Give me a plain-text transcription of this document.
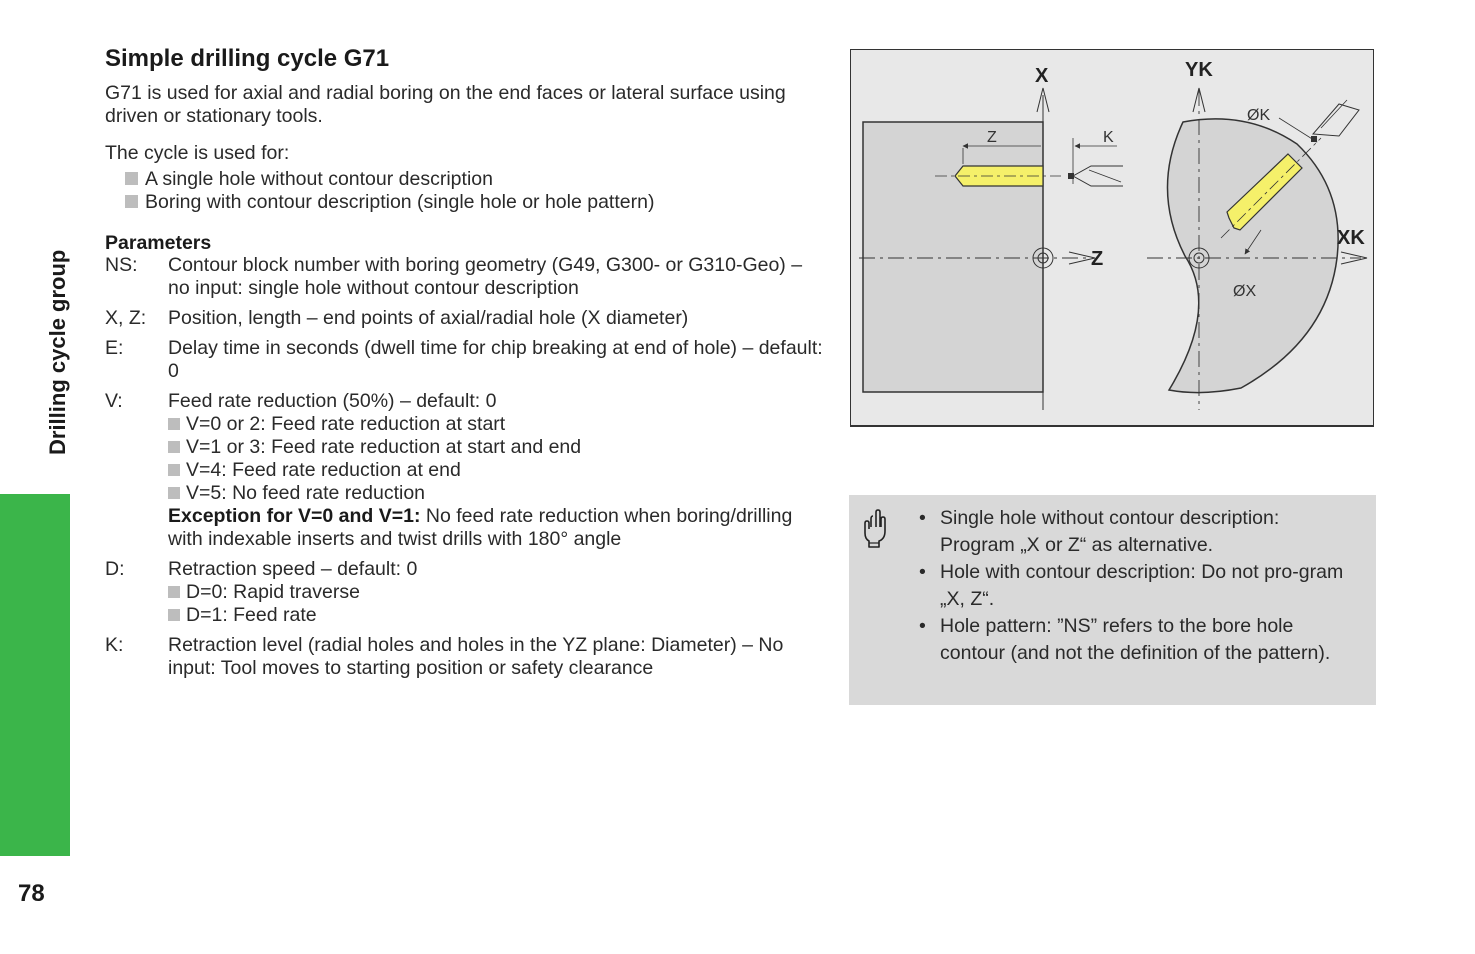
Drilling cycle group
78
Simple drilling cycle G71
G71 is used for axial and radial boring on the end faces or lateral surface using driven or stationary tools.
The cycle is used for:
A single hole without contour description
Boring with contour description (single hole or hole pattern)
Parameters
NS:	Contour block number with boring geometry (G49, G300- or G310-Geo) – no input: single hole without contour description
X, Z:	Position, length – end points of axial/radial hole (X diameter)
E:	Delay time in seconds (dwell time for chip breaking at end of hole) – default: 0
V:	Feed rate reduction (50%) – default: 0
V=0 or 2: Feed rate reduction at start
V=1 or 3: Feed rate reduction at start and end
V=4: Feed rate reduction at end
V=5: No feed rate reduction
Exception for V=0 and V=1: No feed rate reduction when boring/drilling with indexable inserts and twist drills with 180° angle
D:	Retraction speed – default: 0
D=0: Rapid traverse
D=1: Feed rate
K:	Retraction level (radial holes and holes in the YZ plane: Diameter) – No input: Tool moves to starting position or safety clearance
Z	K
X
Z
ØK
ØX
YK
XK
• Single hole without contour description: Program „X or Z“ as alternative.
• Hole with contour description: Do not pro-gram „X, Z“.
• Hole pattern: ”NS” refers to the bore hole contour (and not the definition of the pattern).
